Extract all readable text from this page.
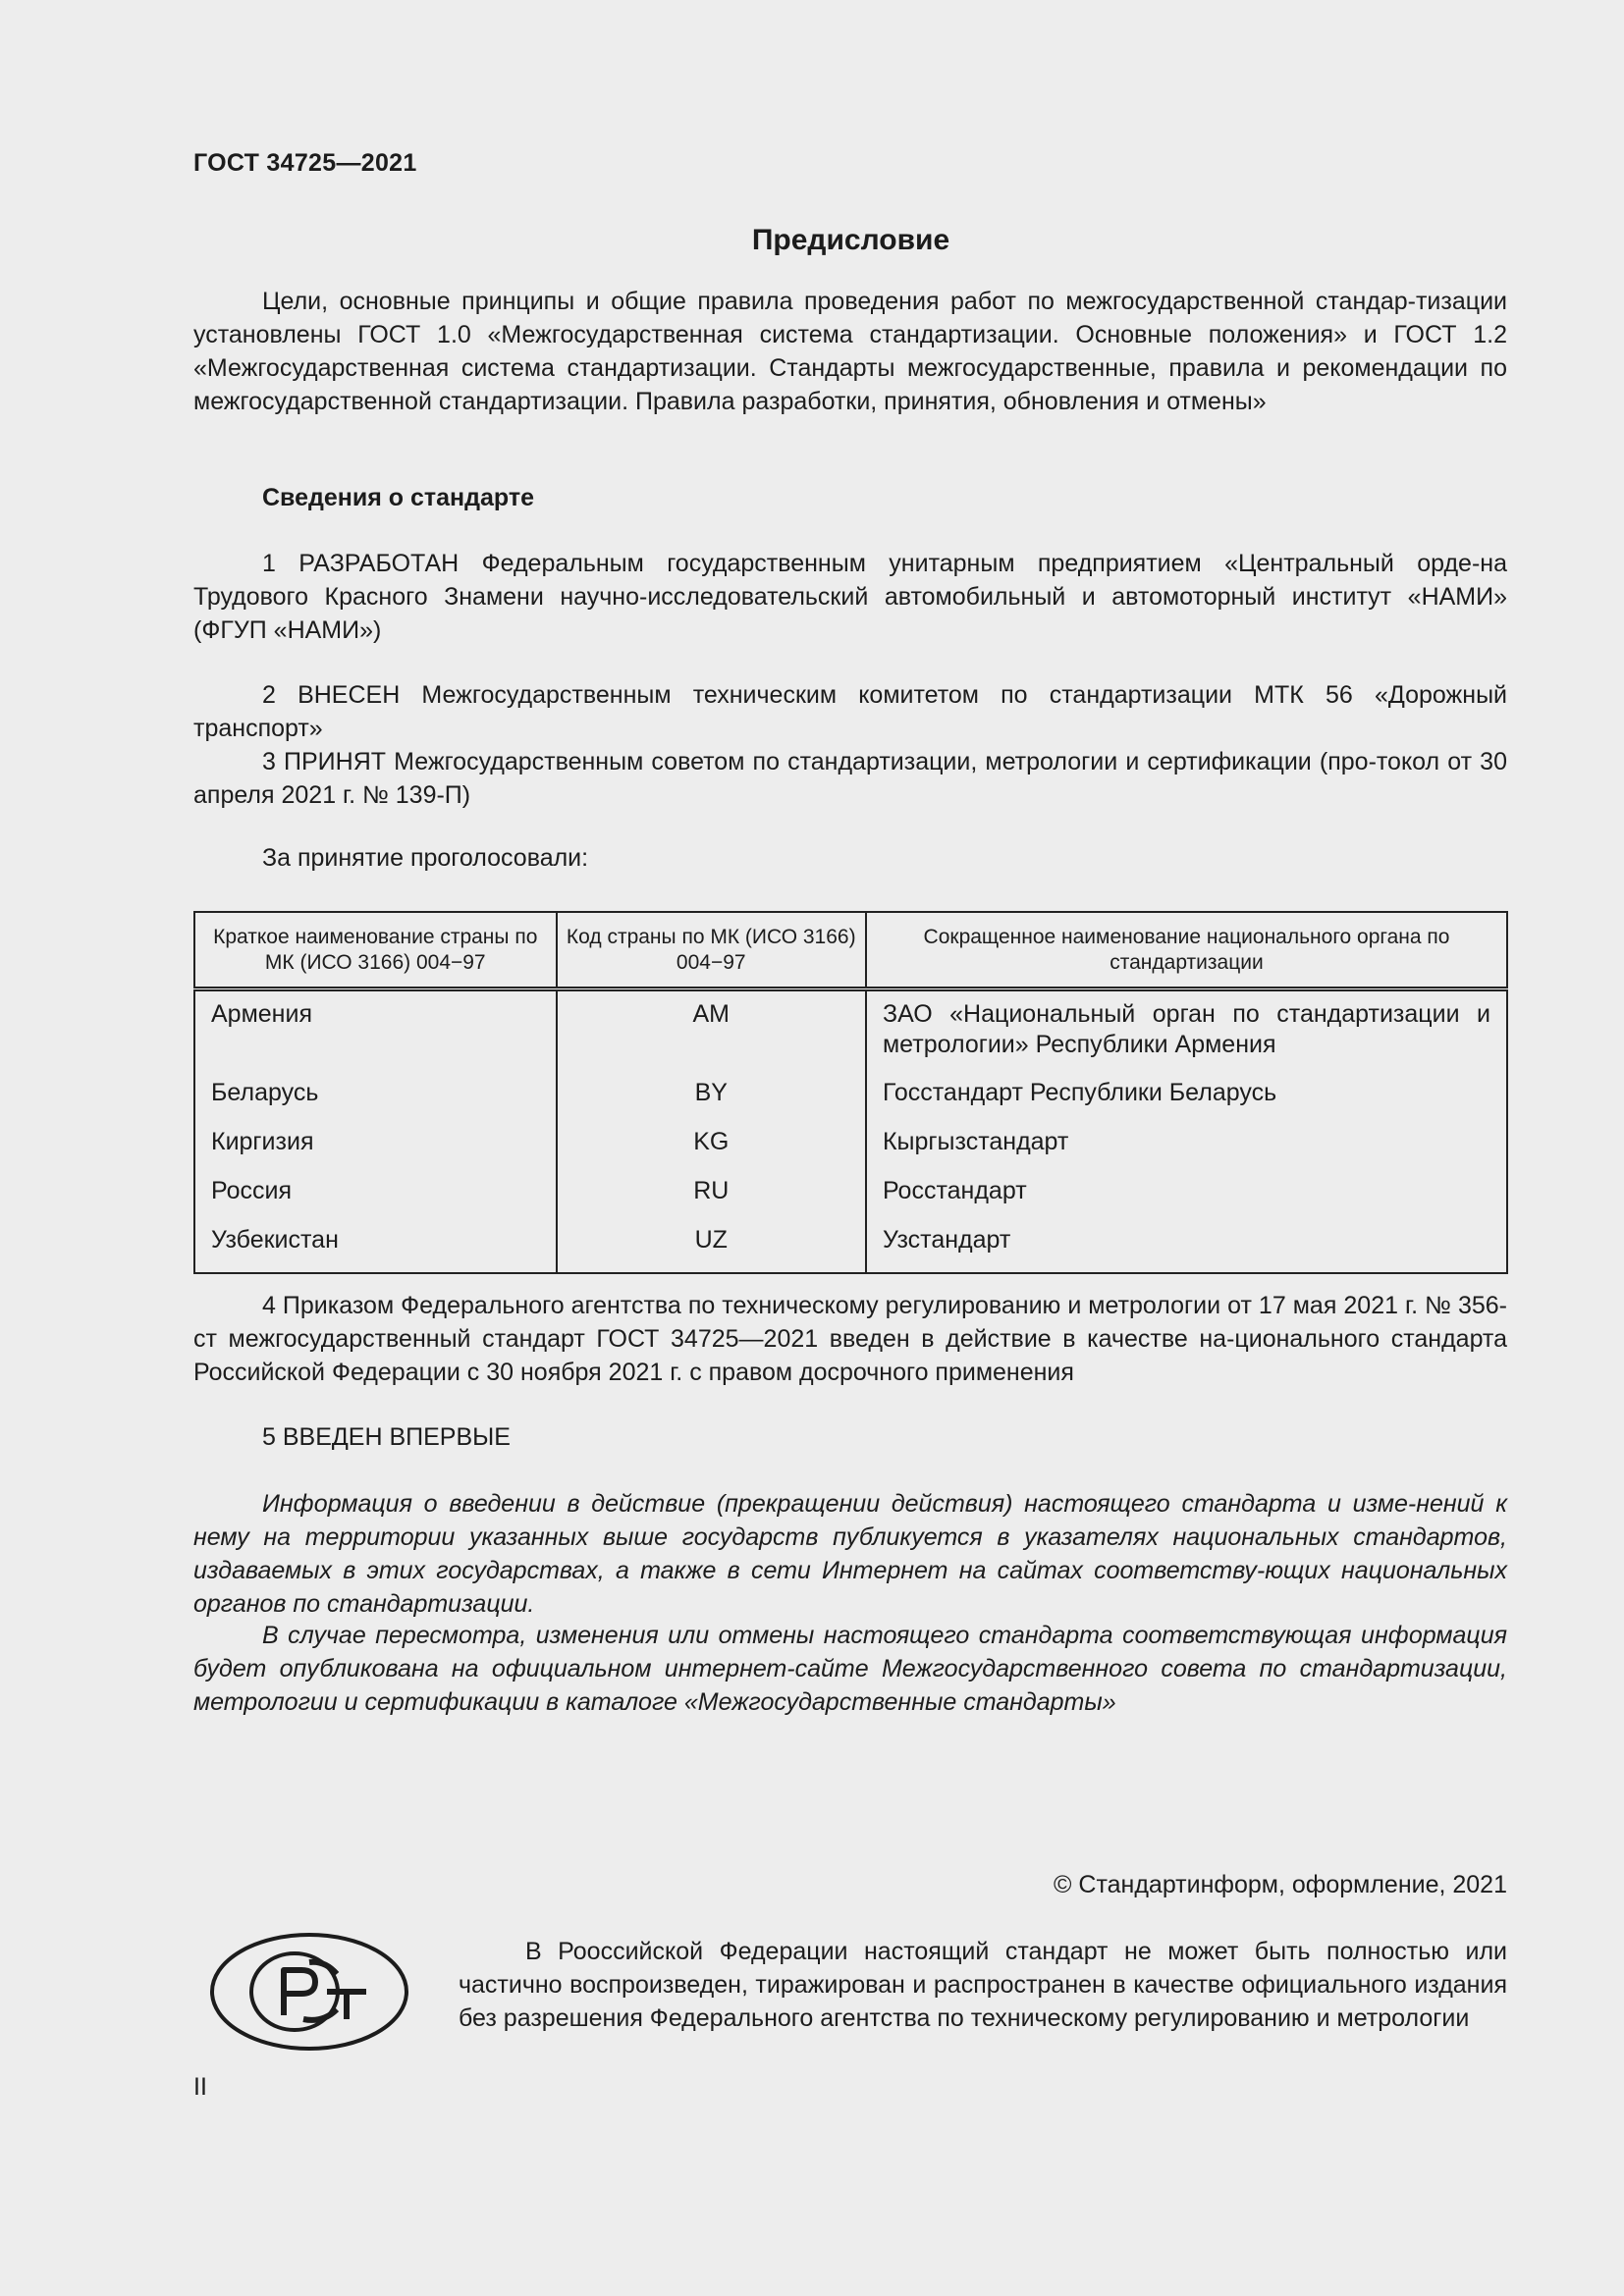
ГОСТ 34725—2021
Предисловие
Цели, основные принципы и общие правила проведения работ по межгосударственной стандар-тизации установлены ГОСТ 1.0 «Межгосударственная система стандартизации. Основные положения» и ГОСТ 1.2 «Межгосударственная система стандартизации. Стандарты межгосударственные, правила и рекомендации по межгосударственной стандартизации. Правила разработки, принятия, обновления и отмены»
Сведения о стандарте
1 РАЗРАБОТАН Федеральным государственным унитарным предприятием «Центральный орде-на Трудового Красного Знамени научно-исследовательский автомобильный и автомоторный институт «НАМИ» (ФГУП «НАМИ»)
2 ВНЕСЕН Межгосударственным техническим комитетом по стандартизации МТК 56 «Дорожный транспорт»
3 ПРИНЯТ Межгосударственным советом по стандартизации, метрологии и сертификации (про-токол от 30 апреля 2021 г. № 139-П)
За принятие проголосовали:
Краткое наименование страны по МК (ИСО 3166) 004−97	Код страны по МК (ИСО 3166) 004−97	Сокращенное наименование национального органа по стандартизации
Армения	AM	ЗАО «Национальный орган по стандартизации и метрологии» Республики Армения
Беларусь	BY	Госстандарт Республики Беларусь
Киргизия	KG	Кыргызстандарт
Россия	RU	Росстандарт
Узбекистан	UZ	Узстандарт
4 Приказом Федерального агентства по техническому регулированию и метрологии от 17 мая 2021 г. № 356-ст межгосударственный стандарт ГОСТ 34725—2021 введен в действие в качестве на-ционального стандарта Российской Федерации с 30 ноября 2021 г. с правом досрочного применения
5 ВВЕДЕН ВПЕРВЫЕ
Информация о введении в действие (прекращении действия) настоящего стандарта и изме-нений к нему на территории указанных выше государств публикуется в указателях национальных стандартов, издаваемых в этих государствах, а также в сети Интернет на сайтах соответству-ющих национальных органов по стандартизации.
В случае пересмотра, изменения или отмены настоящего стандарта соответствующая информация будет опубликована на официальном интернет-сайте Межгосударственного совета по стандартизации, метрологии и сертификации в каталоге «Межгосударственные стандарты»
© Стандартинформ, оформление, 2021
В Рооссийской Федерации настоящий стандарт не может быть полностью или частично воспроизведен, тиражирован и распространен в качестве официального издания без разрешения Федерального агентства по техническому регулированию и метрологии
II
